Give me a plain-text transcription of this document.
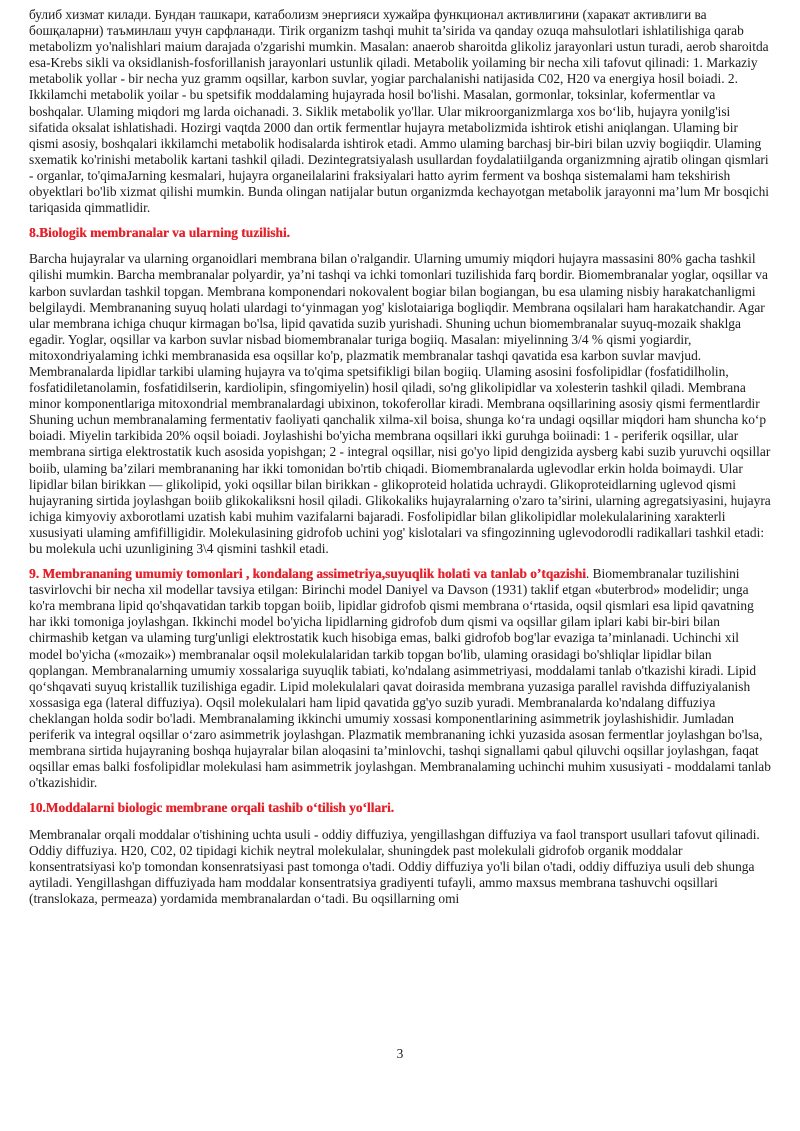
булиб хизмат килади. Бундан ташкари, катаболизм энергияси хужайра функционал активлигини (харакат активлиги ва бошқаларни) таъминлаш учун сарфланади. Tirik organizm tashqi muhit ta’sirida va qanday ozuqa mahsulotlari ishlatilishiga qarab metabolizm yo'nalishlari maium darajada o'zgarishi mumkin. Masalan: anaerob sharoitda glikoliz jarayonlari ustun turadi, aerob sharoitda esa-Krebs sikli va oksidlanish-fosforillanish jarayonlari ustunlik qiladi. Metabolik yoilaming bir necha xili tafovut qilinadi: 1. Markaziy metabolik yollar - bir necha yuz gramm oqsillar, karbon suvlar, yogiar parchalanishi natijasida C02, H20 va energiya hosil boiadi. 2. Ikkilamchi metabolik yoilar - bu spetsifik moddalaming hujayrada hosil bo'lishi. Masalan, gormonlar, toksinlar, kofermentlar va boshqalar. Ulaming miqdori mg larda oichanadi. 3. Siklik metabolik yo'llar. Ular mikroorganizmlarga xos bo‘lib, hujayra yonilg'isi sifatida oksalat ishlatishadi. Hozirgi vaqtda 2000 dan ortik fermentlar hujayra metabolizmida ishtirok etishi aniqlangan. Ulaming bir qismi asosiy, boshqalari ikkilamchi metabolik hodisalarda ishtirok etadi. Ammo ulaming barchasj bir-biri bilan uzviy bogiiqdir. Ulaming sxematik ko'rinishi metabolik kartani tashkil qiladi. Dezintegratsiyalash usullardan foydalatiilganda organizmning ajratib olingan qismlari - organlar, to'qimaJarning kesmalari, hujayra organeilalarini fraksiyalari hatto ayrim ferment va boshqa sistemalami ham tekshirish obyektlari bo'lib xizmat qilishi mumkin. Bunda olingan natijalar butun organizmda kechayotgan metabolik jarayonni ma’lum Mr bosqichi tariqasida qimmatlidir.

8.Biologik membranalar va ularning tuzilishi.

Barcha hujayralar va ularning organoidlari membrana bilan o'ralgandir. Ularning umumiy miqdori hujayra massasini 80% gacha tashkil qilishi mumkin. Barcha membranalar polyardir, ya’ni tashqi va ichki tomonlari tuzilishida farq bordir. Biomembranalar yoglar, oqsillar va karbon suvlardan tashkil topgan. Membrana komponendari nokovalent bogiar bilan bogiangan, bu esa ulaming nisbiy harakatchanligmi belgilaydi. Membrananing suyuq holati ulardagi to‘yinmagan yog' kislotaiariga bogliqdir. Membrana oqsilalari ham harakatchandir. Agar ular membrana ichiga chuqur kirmagan bo'lsa, lipid qavatida suzib yurishadi. Shuning uchun biomembranalar suyuq-mozaik shaklga egadir. Yoglar, oqsillar va karbon suvlar nisbad biomembranalar turiga bogiiq. Masalan: miyelinning 3/4 % qismi yogiardir, mitoxondriyalaming ichki membranasida esa oqsillar ko'p, plazmatik membranalar tashqi qavatida esa karbon suvlar mavjud. Membranalarda lipidlar tarkibi ulaming hujayra va to'qima spetsifikligi bilan bogiiq. Ulaming asosini fosfolipidlar (fosfatidilholin, fosfatidiletanolamin, fosfatidilserin, kardiolipin, sfingomiyelin) hosil qiladi, so'ng glikolipidlar va xolesterin tashkil qiladi. Membrana minor komponentlariga mitoxondrial membranalardagi ubixinon, tokoferollar kiradi. Membrana oqsillarining asosiy qismi fermentlardir Shuning uchun membranalaming fermentativ faoliyati qanchalik xilma-xil boisa, shunga ko‘ra undagi oqsillar miqdori ham shuncha ko‘p boiadi. Miyelin tarkibida 20% oqsil boiadi. Joylashishi bo'yicha membrana oqsillari ikki guruhga boiinadi: 1 - periferik oqsillar, ular membrana sirtiga elektrostatik kuch asosida yopishgan; 2 - integral oqsillar, nisi go'yo lipid dengizida aysberg kabi suzib yuruvchi oqsillar boiib, ulaming ba’zilari membrananing har ikki tomonidan bo'rtib chiqadi. Biomembranalarda uglevodlar erkin holda boimaydi. Ular lipidlar bilan birikkan — glikolipid, yoki oqsillar bilan birikkan - glikoproteid holatida uchraydi. Glikoproteidlarning uglevod qismi hujayraning sirtida joylashgan boiib glikokaliksni hosil qiladi. Glikokaliks hujayralarning o'zaro ta’sirini, ularning agregatsiyasini, hujayra ichiga kimyoviy axborotlami uzatish kabi muhim vazifalarni bajaradi. Fosfolipidlar bilan glikolipidlar molekulalarining xarakterli xususiyati ulaming amfifilligidir. Molekulasining gidrofob uchini yog' kislotalari va sfingozinning uglevodorodli radikallari tashkil etadi: bu molekula uchi uzunligining 3\4 qismini tashkil etadi.

9. Membrananing umumiy tomonlari , kondalang assimetriya,suyuqlik holati va tanlab o’tqazishi. Biomembranalar tuzilishini tasvirlovchi bir necha xil modellar tavsiya etilgan: Birinchi model Daniyel va Davson (1931) taklif etgan «buterbrod» modelidir; unga ko'ra membrana lipid qo'shqavatidan tarkib topgan boiib, lipidlar gidrofob qismi membrana o‘rtasida, oqsil qismlari esa lipid qavatning har ikki tomoniga joylashgan. Ikkinchi model bo'yicha lipidlarning gidrofob dum qismi va oqsillar gilam iplari kabi bir-biri bilan chirmashib ketgan va ulaming turg'unligi elektrostatik kuch hisobiga emas, balki gidrofob bog'lar evaziga ta’minlanadi. Uchinchi xil model bo'yicha («mozaik») membranalar oqsil molekulalaridan tarkib topgan bo'lib, ulaming orasidagi bo'shliqlar lipidlar bilan qoplangan. Membranalarning umumiy xossalariga suyuqlik tabiati, ko'ndalang asimmetriyasi, moddalami tanlab o'tkazishi kiradi. Lipid qo‘shqavati suyuq kristallik tuzilishiga egadir. Lipid molekulalari qavat doirasida membrana yuzasiga parallel ravishda diffuziyalanish xossasiga ega (lateral diffuziya). Oqsil molekulalari ham lipid qavatida gg'yo suzib yuradi. Membranalarda ko'ndalang diffuziya cheklangan holda sodir bo'ladi. Membranalaming ikkinchi umumiy xossasi komponentlarining asimmetrik joylashishidir. Jumladan periferik va integral oqsillar o‘zaro asimmetrik joylashgan. Plazmatik membrananing ichki yuzasida asosan fermentlar joylashgan bo'lsa, membrana sirtida hujayraning boshqa hujayralar bilan aloqasini ta’minlovchi, tashqi signallami qabul qiluvchi oqsillar joylashgan, faqat oqsillar emas balki fosfolipidlar molekulasi ham asimmetrik joylashgan. Membranalaming uchinchi muhim xususiyati - moddalami tanlab o'tkazishidir.

10.Moddalarni biologic membrane orqali tashib o‘tilish yo‘llari.

Membranalar orqali moddalar o'tishining uchta usuli - oddiy diffuziya, yengillashgan diffuziya va faol transport usullari tafovut qilinadi. Oddiy diffuziya. H20, C02, 02 tipidagi kichik neytral molekulalar, shuningdek past molekulali gidrofob organik moddalar konsentratsiyasi ko'p tomondan konsenratsiyasi past tomonga o'tadi. Oddiy diffuziya yo'li bilan o'tadi, oddiy diffuziya usuli deb shunga aytiladi. Yengillashgan diffuziyada ham moddalar konsentratsiya gradiyenti tufayli, ammo maxsus membrana tashuvchi oqsillari (translokaza, permeaza) yordamida membranalardan o‘tadi. Bu oqsillarning omi

3
